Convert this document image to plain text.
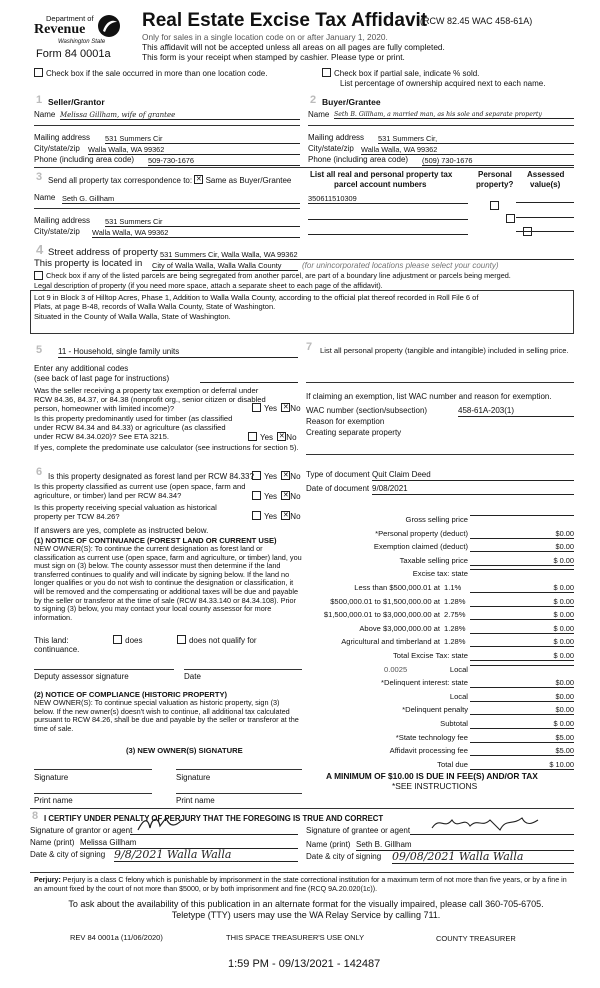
Department of
Revenue
Washington State
Form 84 0001a
Real Estate Excise Tax Affidavit
(RCW 82.45 WAC 458-61A)
Only for sales in a single location code on or after January 1, 2020.
This affidavit will not be accepted unless all areas on all pages are fully completed.
This form is your receipt when stamped by cashier. Please type or print.
Check box if the sale occurred in more than one location code.	Check box if partial sale, indicate % sold.
List percentage of ownership acquired next to each name.
1 Seller/Grantor
Name Melissa Gillham, wife of grantee
Mailing address 531 Summers Cir
City/state/zip Walla Walla, WA 99362
Phone (including area code) 509-730-1676
2 Buyer/Grantee
Name Seth B. Gillham, a married man, as his sole and separate property
Mailing address 531 Summers Cir,
City/state/zip Walla Walla, WA 99362
Phone (including area code) (509) 730-1676
3 Send all property tax correspondence to: ✕ Same as Buyer/Grantee
Name Seth G. Gillham
Mailing address 531 Summers Cir
City/state/zip Walla Walla, WA 99362
List all real and personal property tax
parcel account numbers
Personal
property?
Assessed
value(s)
350611510309

4 Street address of property 531 Summers Cir, Walla Walla, WA 99362
This property is located in City of Walla Walla, Walla Walla County	(for unincorporated locations please select your county)
Check box if any of the listed parcels are being segregated from another parcel, are part of a boundary line adjustment or parcels being merged.
Legal description of property (if you need more space, attach a separate sheet to each page of the affidavit).
Lot 9 in Block 3 of Hilltop Acres, Phase 1, Addition to Walla Walla County, according to the official plat thereof recorded in Roll File 6 of
Plats, at page B-48, records of Walla Walla County, State of Washington.
Situated in the County of Walla Walla, State of Washington.
5 11 - Household, single family units
Enter any additional codes
(see back of last page for instructions)
Was the seller receiving a property tax exemption or deferral under RCW 84.36, 84.37, or 84.38 (nonprofit org., senior citizen or disabled person, homeowner with limited income)?	Yes ✕ No
Is this property predominantly used for timber (as classified under RCW 84.34 and 84.33) or agriculture (as classified under RCW 84.34.020)? See ETA 3215.	Yes ✕ No
If yes, complete the predominate use calculator (see instructions for section 5).
6 Is this property designated as forest land per RCW 84.33?	Yes ✕ No
Is this property classified as current use (open space, farm and agriculture, or timber) land per RCW 84.34?	Yes ✕ No
Is this property receiving special valuation as historical property per TCW 84.26?	Yes ✕ No
If answers are yes, complete as instructed below.
(1) NOTICE OF CONTINUANCE (FOREST LAND OR CURRENT USE)
NEW OWNER(S): To continue the current designation as forest land or classification as current use (open space, farm and agriculture, or timber) land, you must sign on (3) below. The county assessor must then determine if the land transferred continues to qualify and will indicate by signing below. If the land no longer qualifies or you do not wish to continue the designation or classification, it will be removed and the compensating or additional taxes will be due and payable by the seller or transferor at the time of sale (RCW 84.33.140 or 84.34.108). Prior to signing (3) below, you may contact your local county assessor for more information.
This land:	does	does not qualify for
continuance.
Deputy assessor signature	Date
(2) NOTICE OF COMPLIANCE (HISTORIC PROPERTY)
NEW OWNER(S): To continue special valuation as historic property, sign (3) below. If the new owner(s) doesn't wish to continue, all additional tax calculated pursuant to RCW 84.26, shall be due and payable by the seller or transferor at the time of sale.
(3) NEW OWNER(S) SIGNATURE
Signature	Signature
Print name	Print name
7 List all personal property (tangible and intangible) included in selling price.
If claiming an exemption, list WAC number and reason for exemption.
WAC number (section/subsection)	458-61A-203(1)
Reason for exemption
Creating separate property
Type of document Quit Claim Deed
Date of document 9/08/2021
Gross selling price
*Personal property (deduct)	$0.00
Exemption claimed (deduct)	$0.00
Taxable selling price	$ 0.00
Excise tax: state
Less than $500,000.01 at 1.1%	$ 0.00
$500,000.01 to $1,500,000.00 at 1.28%	$ 0.00
$1,500,000.01 to $3,000,000.00 at 2.75%	$ 0.00
Above $3,000,000.00 at 1.28%	$ 0.00
Agricultural and timberland at 1.28%	$ 0.00
Total Excise Tax: state	$ 0.00
Local
0.0025
*Delinquent interest: state	$0.00
Local	$0.00
*Delinquent penalty	$0.00
Subtotal	$ 0.00
*State technology fee	$5.00
Affidavit processing fee	$5.00
Total due	$ 10.00
A MINIMUM OF $10.00 IS DUE IN FEE(S) AND/OR TAX
*SEE INSTRUCTIONS
8 I CERTIFY UNDER PENALTY OF PERJURY THAT THE FOREGOING IS TRUE AND CORRECT
Signature of grantor or agent	Signature of grantee or agent
Name (print) Melissa Gillham	Name (print) Seth B. Gillham
Date & city of signing 9/8/2021 Walla Walla	Date & city of signing 09/08/2021 Walla Walla
Perjury: Perjury is a class C felony which is punishable by imprisonment in the state correctional institution for a maximum term of not more than five years, or by a fine in an amount fixed by the court of not more than $5000, or by both imprisonment and fine (RCQ 9A.20.020(1c)).
To ask about the availability of this publication in an alternate format for the visually impaired, please call 360-705-6705.
Teletype (TTY) users may use the WA Relay Service by calling 711.
REV 84 0001a (11/06/2020)	THIS SPACE TREASURER'S USE ONLY	COUNTY TREASURER
1:59 PM - 09/13/2021 - 142487
